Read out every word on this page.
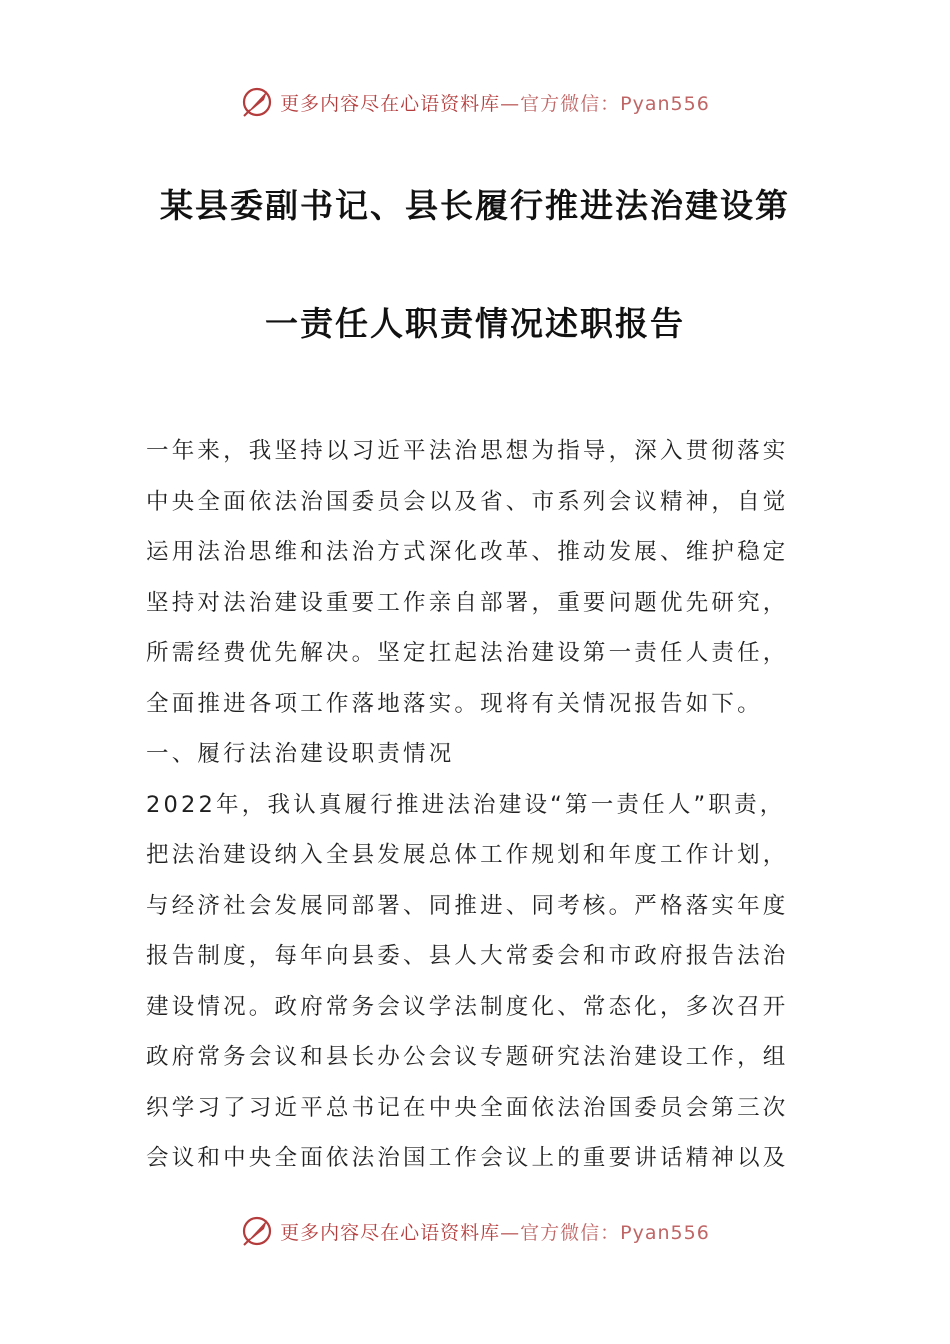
更多内容尽在心语资料库 —官方微信：Pyan556
某县委副书记、县长履行推进法治建设第
一责任人职责情况述职报告
一年来，我坚持以习近平法治思想为指导，深入贯彻落实
中央全面依法治国委员会以及省、市系列会议精神，自觉
运用法治思维和法治方式深化改革、推动发展、维护稳定
坚持对法治建设重要工作亲自部署，重要问题优先研究，
所需经费优先解决。坚定扛起法治建设第一责任人责任，
全面推进各项工作落地落实。现将有关情况报告如下。
一、履行法治建设职责情况
2022年，我认真履行推进法治建设“第一责任人”职责，
把法治建设纳入全县发展总体工作规划和年度工作计划，
与经济社会发展同部署、同推进、同考核。严格落实年度
报告制度，每年向县委、县人大常委会和市政府报告法治
建设情况。政府常务会议学法制度化、常态化，多次召开
政府常务会议和县长办公会议专题研究法治建设工作，组
织学习了习近平总书记在中央全面依法治国委员会第三次
会议和中央全面依法治国工作会议上的重要讲话精神以及
更多内容尽在心语资料库 —官方微信：Pyan556
